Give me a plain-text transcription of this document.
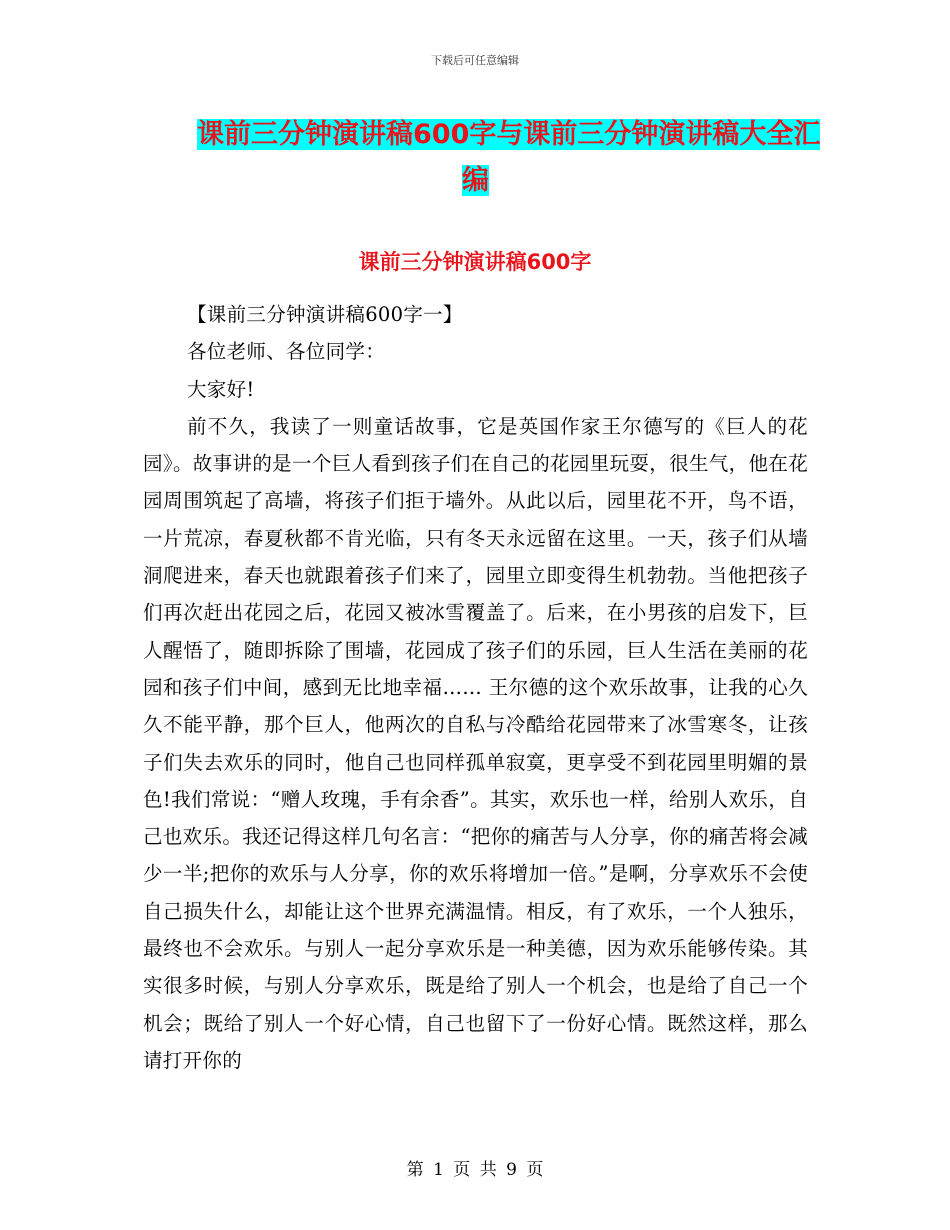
下载后可任意编辑
课前三分钟演讲稿600字与课前三分钟演讲稿大全汇
编
课前三分钟演讲稿600字

【课前三分钟演讲稿600字一】

各位老师、各位同学：

大家好!

前不久，我读了一则童话故事，它是英国作家王尔德写的《巨人的花园》。故事讲的是一个巨人看到孩子们在自己的花园里玩耍，很生气，他在花园周围筑起了高墙，将孩子们拒于墙外。从此以后，园里花不开，鸟不语，一片荒凉，春夏秋都不肯光临，只有冬天永远留在这里。一天，孩子们从墙洞爬进来，春天也就跟着孩子们来了，园里立即变得生机勃勃。当他把孩子们再次赶出花园之后，花园又被冰雪覆盖了。后来，在小男孩的启发下，巨人醒悟了，随即拆除了围墙，花园成了孩子们的乐园，巨人生活在美丽的花园和孩子们中间，感到无比地幸福…… 王尔德的这个欢乐故事，让我的心久久不能平静，那个巨人，他两次的自私与冷酷给花园带来了冰雪寒冬，让孩子们失去欢乐的同时，他自己也同样孤单寂寞，更享受不到花园里明媚的景色!我们常说：“赠人玫瑰，手有余香”。其实，欢乐也一样，给别人欢乐，自己也欢乐。我还记得这样几句名言：“把你的痛苦与人分享，你的痛苦将会减少一半;把你的欢乐与人分享，你的欢乐将增加一倍。”是啊，分享欢乐不会使自己损失什么，却能让这个世界充满温情。相反，有了欢乐，一个人独乐，最终也不会欢乐。与别人一起分享欢乐是一种美德，因为欢乐能够传染。其实很多时候，与别人分享欢乐，既是给了别人一个机会，也是给了自己一个机会；既给了别人一个好心情，自己也留下了一份好心情。既然这样，那么请打开你的

第 1 页 共 9 页
